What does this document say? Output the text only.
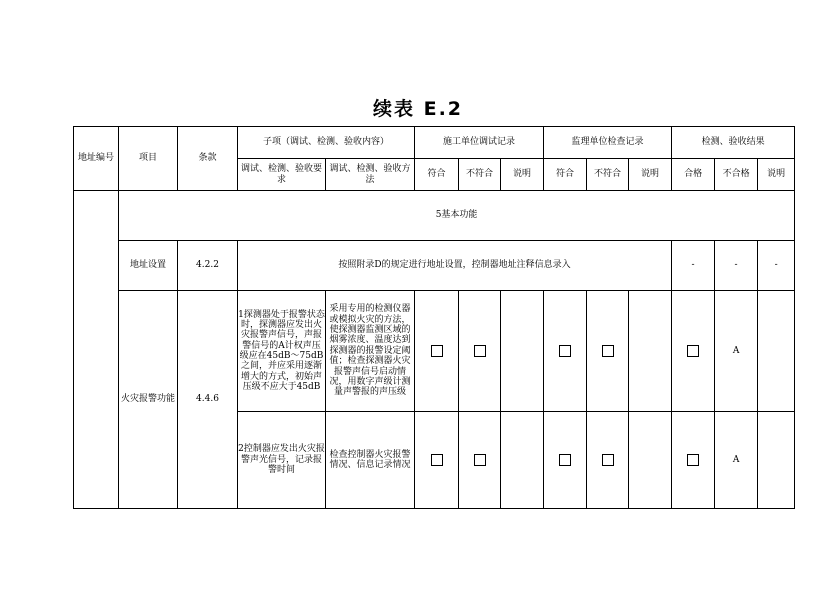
续表 E.2
地址编号	项目	条款	子项（调试、检测、验收内容）		施工单位调试记录			监理单位检查记录			检测、验收结果		
			调试、检测、验收要求	调试、检测、验收方法	符合	不符合	说明	符合	不符合	说明	合格	不合格	说明
	5基本功能												
	地址设置	4.2.2	按照附录D的规定进行地址设置，控制器地址注释信息录入								-	-	-
	火灾报警功能	4.4.6	1探测器处于报警状态时，探测器应发出火灾报警声信号，声报警信号的A计权声压级应在45dB～75dB之间，并应采用逐渐增大的方式，初始声压级不应大于45dB	采用专用的检测仪器或模拟火灾的方法，使探测器监测区域的烟雾浓度、温度达到探测器的报警设定阈值；检查探测器火灾报警声信号启动情况，用数字声级计测量声警报的声压级								A	
			2控制器应发出火灾报警声光信号，记录报警时间	检查控制器火灾报警情况、信息记录情况								A	
